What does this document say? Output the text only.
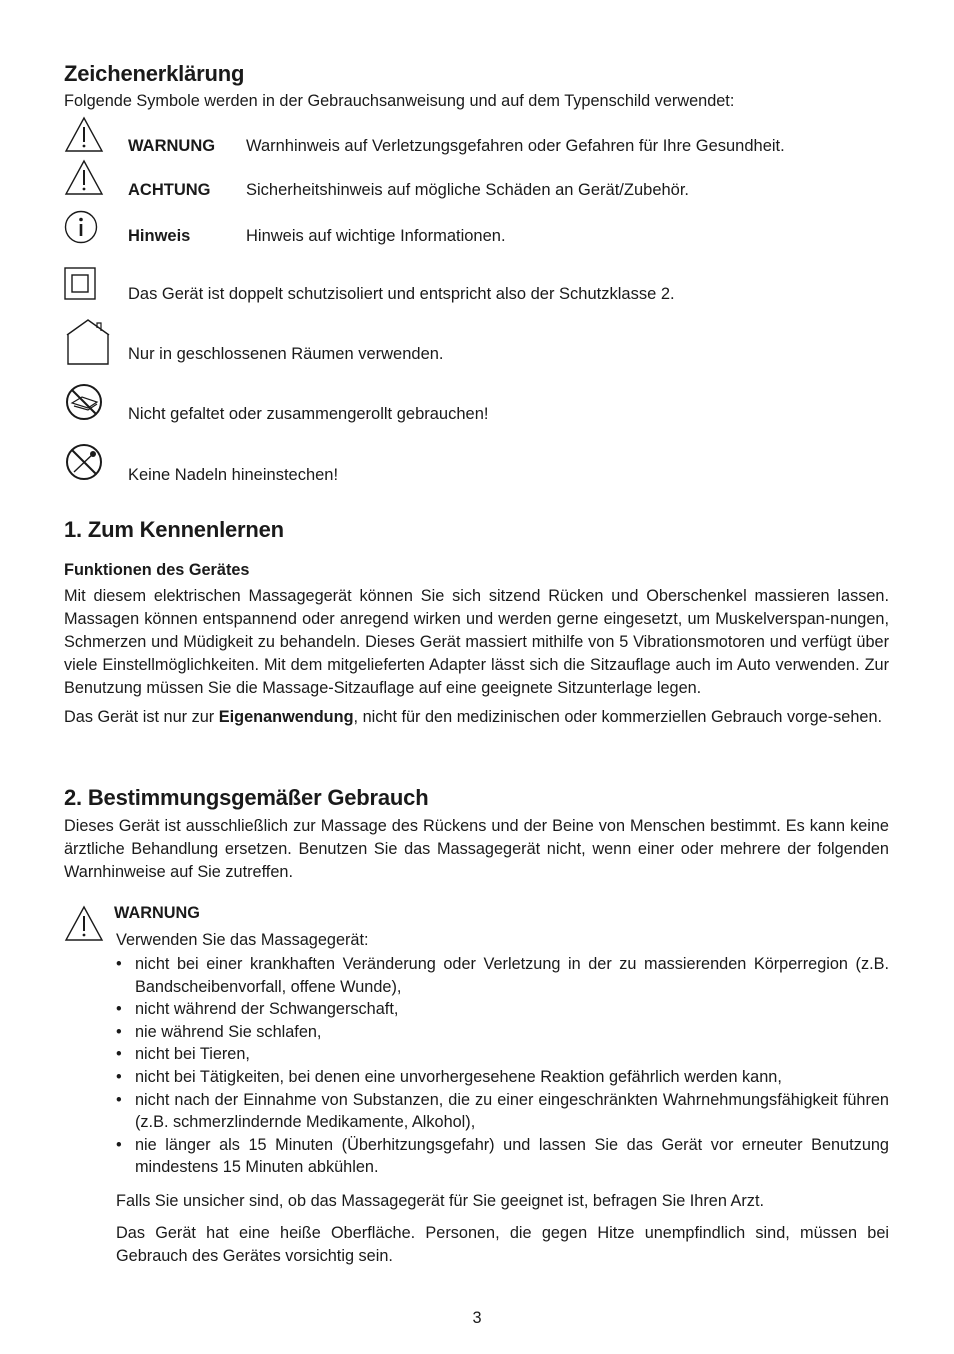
Zeichenerklärung
Folgende Symbole werden in der Gebrauchsanweisung und auf dem Typenschild verwendet:
WARNUNG Warnhinweis auf Verletzungsgefahren oder Gefahren für Ihre Gesundheit.
ACHTUNG Sicherheitshinweis auf mögliche Schäden an Gerät/Zubehör.
Hinweis	Hinweis auf wichtige Informationen.
Das Gerät ist doppelt schutzisoliert und entspricht also der Schutzklasse 2.
Nur in geschlossenen Räumen verwenden.
Nicht gefaltet oder zusammengerollt gebrauchen!
Keine Nadeln hineinstechen!
1. Zum Kennenlernen
Funktionen des Gerätes
Mit diesem elektrischen Massagegerät können Sie sich sitzend Rücken und Oberschenkel massieren lassen. Massagen können entspannend oder anregend wirken und werden gerne eingesetzt, um Muskelverspan-nungen, Schmerzen und Müdigkeit zu behandeln. Dieses Gerät massiert mithilfe von 5 Vibrationsmotoren und verfügt über viele Einstellmöglichkeiten. Mit dem mitgelieferten Adapter lässt sich die Sitzauflage auch im Auto verwenden. Zur Benutzung müssen Sie die Massage-Sitzauflage auf eine geeignete Sitzunterlage legen.
Das Gerät ist nur zur Eigenanwendung, nicht für den medizinischen oder kommerziellen Gebrauch vorge-sehen.
2. Bestimmungsgemäßer Gebrauch
Dieses Gerät ist ausschließlich zur Massage des Rückens und der Beine von Menschen bestimmt. Es kann keine ärztliche Behandlung ersetzen. Benutzen Sie das Massagegerät nicht, wenn einer oder mehrere der folgenden Warnhinweise auf Sie zutreffen.
WARNUNG
Verwenden Sie das Massagegerät:
• nicht bei einer krankhaften Veränderung oder Verletzung in der zu massierenden Körperregion (z.B. Bandscheibenvorfall, offene Wunde),
• nicht während der Schwangerschaft,
• nie während Sie schlafen,
• nicht bei Tieren,
• nicht bei Tätigkeiten, bei denen eine unvorhergesehene Reaktion gefährlich werden kann,
• nicht nach der Einnahme von Substanzen, die zu einer eingeschränkten Wahrnehmungsfähigkeit führen (z.B. schmerzlindernde Medikamente, Alkohol),
• nie länger als 15 Minuten (Überhitzungsgefahr) und lassen Sie das Gerät vor erneuter Benutzung mindestens 15 Minuten abkühlen.
Falls Sie unsicher sind, ob das Massagegerät für Sie geeignet ist, befragen Sie Ihren Arzt.
Das Gerät hat eine heiße Oberfläche. Personen, die gegen Hitze unempfindlich sind, müssen bei Gebrauch des Gerätes vorsichtig sein.
3
